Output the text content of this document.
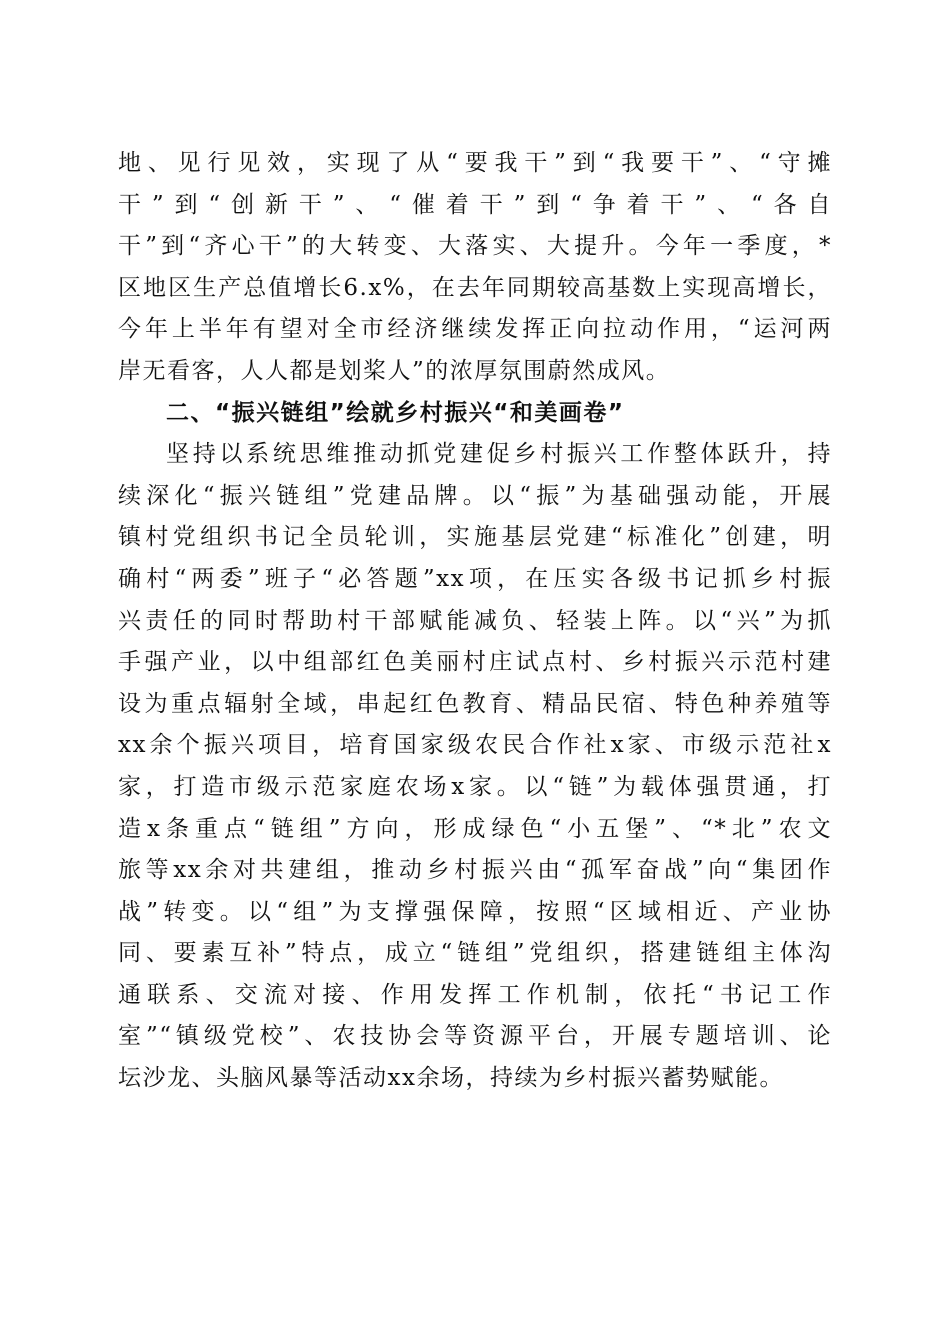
地、见行见效，实现了从“要我干”到“我要干”、“守摊
干”到“创新干”、“催着干”到“争着干”、“各自
干”到“齐心干”的大转变、大落实、大提升。今年一季度，*
区地区生产总值增长6.x%，在去年同期较高基数上实现高增长，
今年上半年有望对全市经济继续发挥正向拉动作用，“运河两
岸无看客，人人都是划桨人”的浓厚氛围蔚然成风。

二、“振兴链组”绘就乡村振兴“和美画卷”

坚持以系统思维推动抓党建促乡村振兴工作整体跃升，持
续深化“振兴链组”党建品牌。以“振”为基础强动能，开展
镇村党组织书记全员轮训，实施基层党建“标准化”创建，明
确村“两委”班子“必答题”xx项，在压实各级书记抓乡村振
兴责任的同时帮助村干部赋能减负、轻装上阵。以“兴”为抓
手强产业，以中组部红色美丽村庄试点村、乡村振兴示范村建
设为重点辐射全域，串起红色教育、精品民宿、特色种养殖等
xx余个振兴项目，培育国家级农民合作社x家、市级示范社x
家，打造市级示范家庭农场x家。以“链”为载体强贯通，打
造x条重点“链组”方向，形成绿色“小五堡”、“*北”农文
旅等xx余对共建组，推动乡村振兴由“孤军奋战”向“集团作
战”转变。以“组”为支撑强保障，按照“区域相近、产业协
同、要素互补”特点，成立“链组”党组织，搭建链组主体沟
通联系、交流对接、作用发挥工作机制，依托“书记工作
室”“镇级党校”、农技协会等资源平台，开展专题培训、论
坛沙龙、头脑风暴等活动xx余场，持续为乡村振兴蓄势赋能。
